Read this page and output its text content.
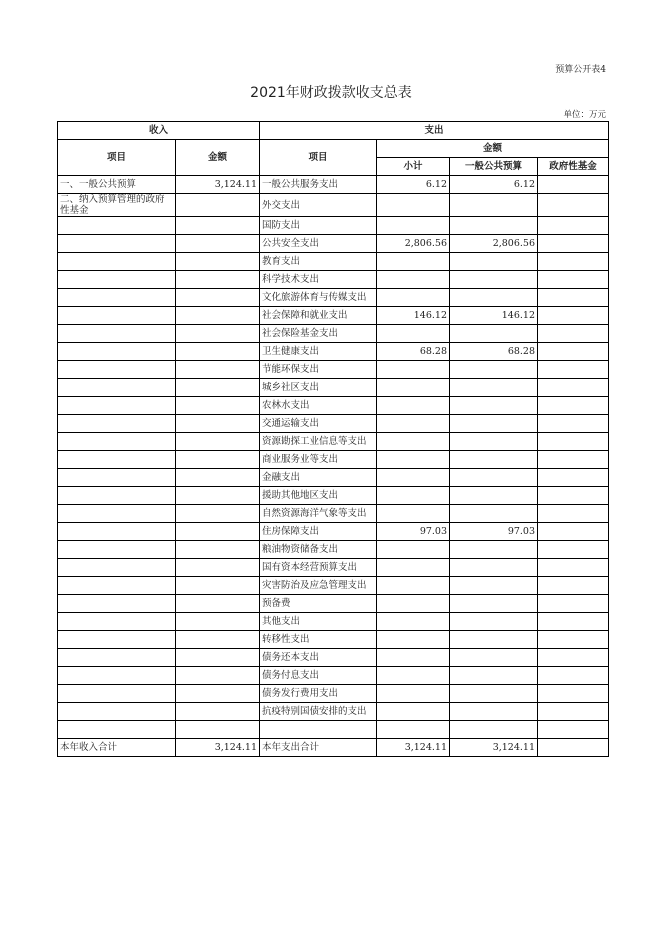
预算公开表4
2021年财政拨款收支总表
单位：万元
收入		支出			
项目	金额	项目	金额		
			小计	一般公共预算	政府性基金
一、一般公共预算	3,124.11	一般公共服务支出	6.12	6.12	
二、纳入预算管理的政府性基金		外交支出			
		国防支出			
		公共安全支出	2,806.56	2,806.56	
		教育支出			
		科学技术支出			
		文化旅游体育与传媒支出			
		社会保障和就业支出	146.12	146.12	
		社会保险基金支出			
		卫生健康支出	68.28	68.28	
		节能环保支出			
		城乡社区支出			
		农林水支出			
		交通运输支出			
		资源勘探工业信息等支出			
		商业服务业等支出			
		金融支出			
		援助其他地区支出			
		自然资源海洋气象等支出			
		住房保障支出	97.03	97.03	
		粮油物资储备支出			
		国有资本经营预算支出			
		灾害防治及应急管理支出			
		预备费			
		其他支出			
		转移性支出			
		债务还本支出			
		债务付息支出			
		债务发行费用支出			
		抗疫特别国债安排的支出			

本年收入合计	3,124.11	本年支出合计	3,124.11	3,124.11	
